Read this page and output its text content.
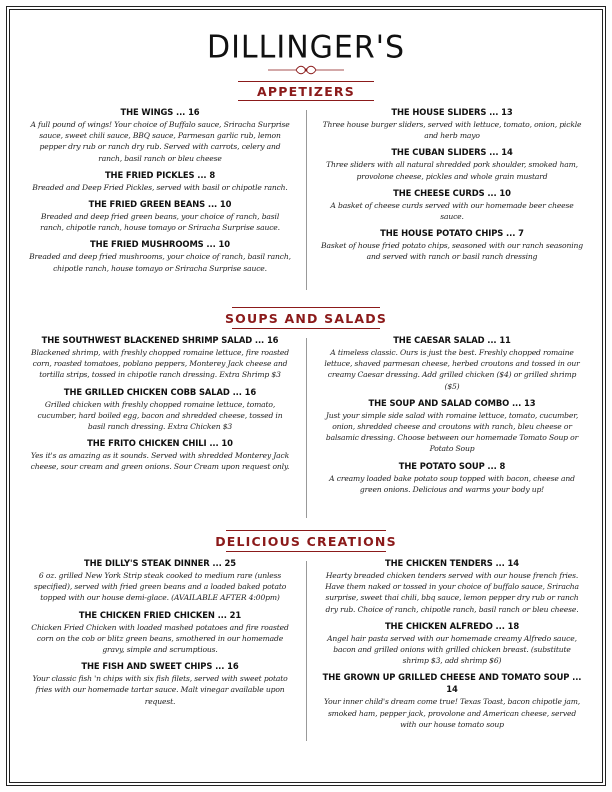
DILLINGER'S
APPETIZERS
THE WINGS ... 16
A full pound of wings! Your choice of Buffalo sauce, Sriracha Surprise sauce, sweet chili sauce, BBQ sauce, Parmesan garlic rub, lemon pepper dry rub or ranch dry rub. Served with carrots, celery and ranch, basil ranch or bleu cheese
THE FRIED PICKLES ... 8
Breaded and Deep Fried Pickles, served with basil or chipotle ranch.
THE FRIED GREEN BEANS ... 10
Breaded and deep fried green beans, your choice of ranch, basil ranch, chipotle ranch, house tomayo or Sriracha Surprise sauce.
THE FRIED MUSHROOMS ... 10
Breaded and deep fried mushrooms, your choice of ranch, basil ranch, chipotle ranch, house tomayo or Sriracha Surprise sauce.
THE HOUSE SLIDERS ... 13
Three house burger sliders, served with lettuce, tomato, onion, pickle and herb mayo
THE CUBAN SLIDERS ... 14
Three sliders with all natural shredded pork shoulder, smoked ham, provolone cheese, pickles and whole grain mustard
THE CHEESE CURDS ... 10
A basket of cheese curds served with our homemade beer cheese sauce.
THE HOUSE POTATO CHIPS ... 7
Basket of house fried potato chips, seasoned with our ranch seasoning and served with ranch or basil ranch dressing
SOUPS AND SALADS
THE SOUTHWEST BLACKENED SHRIMP SALAD ... 16
Blackened shrimp, with freshly chopped romaine lettuce, fire roasted corn, roasted tomatoes, poblano peppers, Monterey Jack cheese and tortilla strips, tossed in chipotle ranch dressing. Extra Shrimp $3
THE GRILLED CHICKEN COBB SALAD ... 16
Grilled chicken with freshly chopped romaine lettuce, tomato, cucumber, hard boiled egg, bacon and shredded cheese, tossed in basil ranch dressing. Extra Chicken $3
THE FRITO CHICKEN CHILI ... 10
Yes it's as amazing as it sounds. Served with shredded Monterey Jack cheese, sour cream and green onions. Sour Cream upon request only.
THE CAESAR SALAD ... 11
A timeless classic. Ours is just the best. Freshly chopped romaine lettuce, shaved parmesan cheese, herbed croutons and tossed in our creamy Caesar dressing. Add grilled chicken ($4) or grilled shrimp ($5)
THE SOUP AND SALAD COMBO ... 13
Just your simple side salad with romaine lettuce, tomato, cucumber, onion, shredded cheese and croutons with ranch, bleu cheese or balsamic dressing. Choose between our homemade Tomato Soup or Potato Soup
THE POTATO SOUP ... 8
A creamy loaded bake potato soup topped with bacon, cheese and green onions. Delicious and warms your body up!
DELICIOUS CREATIONS
THE DILLY'S STEAK DINNER ... 25
6 oz. grilled New York Strip steak cooked to medium rare (unless specified), served with fried green beans and a loaded baked potato topped with our house demi-glace. (AVAILABLE AFTER 4:00pm)
THE CHICKEN FRIED CHICKEN ... 21
Chicken Fried Chicken with loaded mashed potatoes and fire roasted corn on the cob or blitz green beans, smothered in our homemade gravy, simple and scrumptious.
THE FISH AND SWEET CHIPS ... 16
Your classic fish 'n chips with six fish filets, served with sweet potato fries with our homemade tartar sauce. Malt vinegar available upon request.
THE CHICKEN TENDERS ... 14
Hearty breaded chicken tenders served with our house french fries. Have them naked or tossed in your choice of buffalo sauce, Sriracha surprise, sweet thai chili, bbq sauce, lemon pepper dry rub or ranch dry rub. Choice of ranch, chipotle ranch, basil ranch or bleu cheese.
THE CHICKEN ALFREDO ... 18
Angel hair pasta served with our homemade creamy Alfredo sauce, bacon and grilled onions with grilled chicken breast. (substitute shrimp $3, add shrimp $6)
THE GROWN UP GRILLED CHEESE AND TOMATO SOUP ... 14
Your inner child's dream come true! Texas Toast, bacon chipotle jam, smoked ham, pepper jack, provolone and American cheese, served with our house tomato soup
